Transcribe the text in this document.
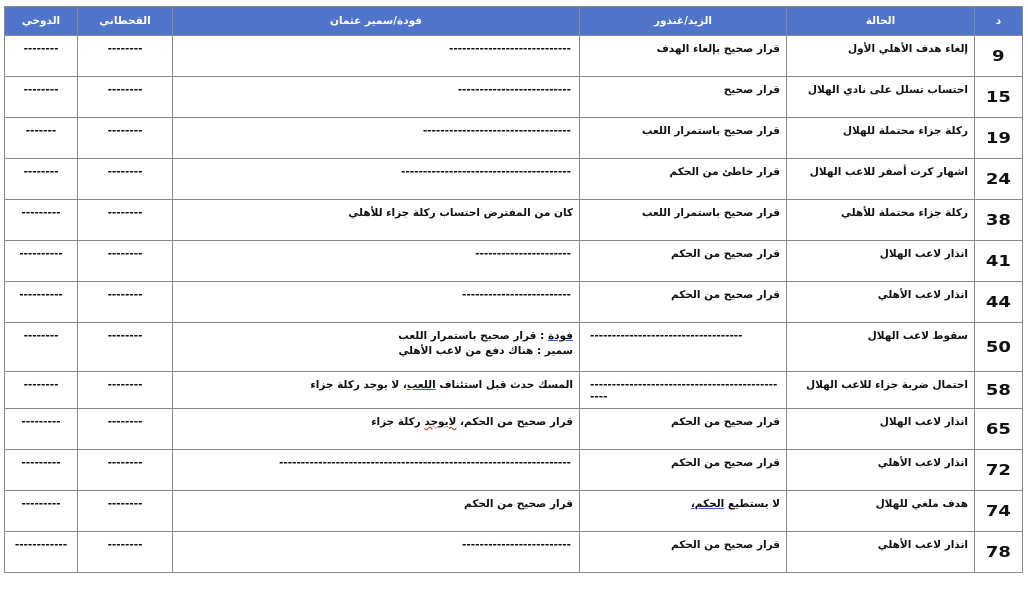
د	الحالة	الزيد/غندور	فودة/سمير عثمان	القحطاني	الدوخي
9	إلغاء هدف الأهلي الأول	قرار صحيح بإلغاء الهدف	----------------------------	--------	--------
15	احتساب تسلل على نادي الهلال	قرار صحيح	--------------------------	--------	--------
19	ركلة جزاء محتملة للهلال	قرار صحيح باستمرار اللعب	----------------------------------	--------	-------
24	اشهار كرت أصفر للاعب الهلال	قرار خاطئ من الحكم	---------------------------------------	--------	--------
38	ركلة جزاء محتملة للأهلي	قرار صحيح باستمرار اللعب	كان من المفترض احتساب ركلة جزاء للأهلي	--------	---------
41	انذار لاعب الهلال	قرار صحيح من الحكم	----------------------	--------	----------
44	انذار لاعب الأهلي	قرار صحيح من الحكم	-------------------------	--------	----------
50	سقوط لاعب الهلال	-----------------------------------	فودة : قرار صحيح باستمرار اللعب
سمير : هناك دفع من لاعب الأهلي	--------	--------
58	احتمال ضربة جزاء للاعب الهلال	-----------------------------------------------	المسك حدث قبل استئناف اللعب، لا يوجد ركلة جزاء	--------	--------
65	انذار لاعب الهلال	قرار صحيح من الحكم	قرار صحيح من الحكم، لايوجد ركلة جزاء	--------	---------
72	انذار لاعب الأهلي	قرار صحيح من الحكم	-------------------------------------------------------------------	--------	---------
74	هدف ملغي للهلال	لا يستطيع الحكم،	قرار صحيح من الحكم	--------	---------
78	انذار لاعب الأهلي	قرار صحيح من الحكم	-------------------------	--------	------------
